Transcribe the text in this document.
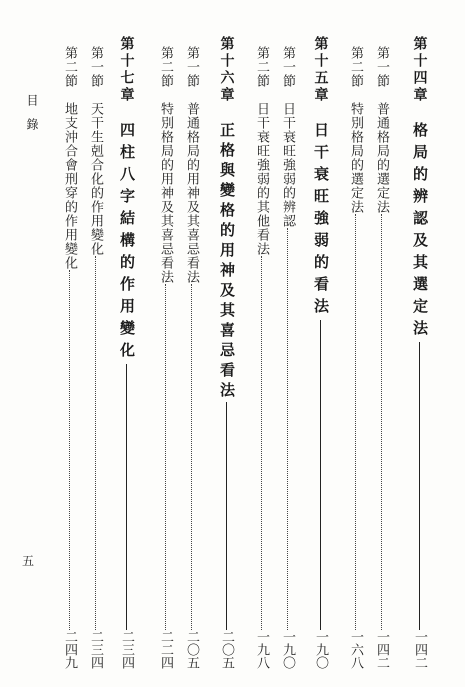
目錄
五
第十四章
格局的辨認及其選定法
一四二
第一節
普通格局的選定法
一四二
第二節
特別格局的選定法
一六八
第十五章
日干衰旺強弱的看法
一九〇
第一節
日干衰旺強弱的辨認
一九〇
第二節
日干衰旺強弱的其他看法
一九八
第十六章
正格與變格的用神及其喜忌看法
二〇五
第一節
普通格局的用神及其喜忌看法
二〇五
第二節
特別格局的用神及其喜忌看法
二二四
第十七章
四柱八字結構的作用變化
二三四
第一節
天干生剋合化的作用變化
二三四
第二節
地支沖合會刑穿的作用變化
二四九
